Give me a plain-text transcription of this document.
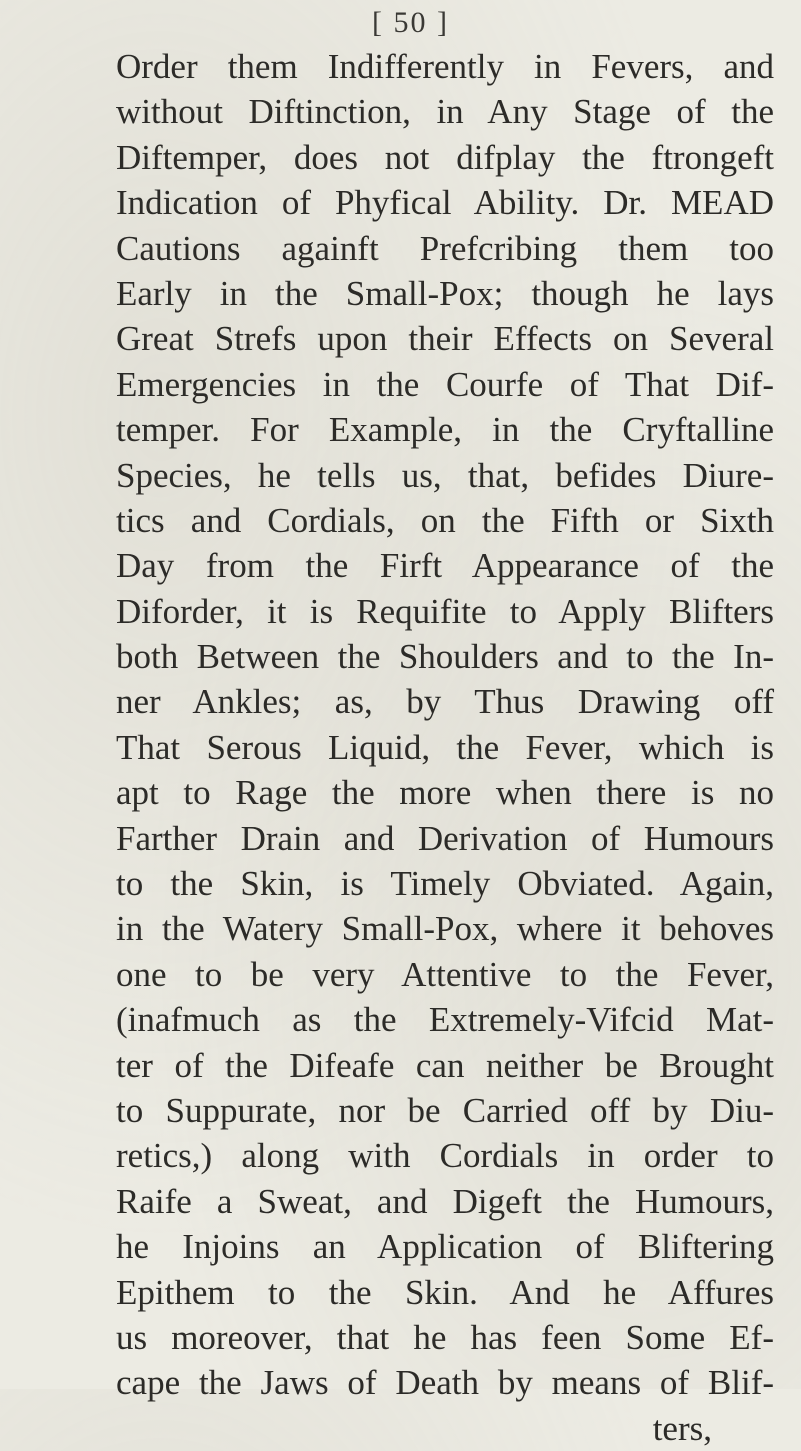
[ 50 ]
Order them Indifferently in Fevers, and
without Diftinction, in Any Stage of the
Diftemper, does not difplay the ftrongeft
Indication of Phyfical Ability. Dr. MEAD
Cautions againft Prefcribing them too
Early in the Small-Pox; though he lays
Great Strefs upon their Effects on Several
Emergencies in the Courfe of That Dif-
temper. For Example, in the Cryftalline
Species, he tells us, that, befides Diure-
tics and Cordials, on the Fifth or Sixth
Day from the Firft Appearance of the
Diforder, it is Requifite to Apply Blifters
both Between the Shoulders and to the In-
ner Ankles; as, by Thus Drawing off
That Serous Liquid, the Fever, which is
apt to Rage the more when there is no
Farther Drain and Derivation of Humours
to the Skin, is Timely Obviated. Again,
in the Watery Small-Pox, where it behoves
one to be very Attentive to the Fever,
(inafmuch as the Extremely-Vifcid Mat-
ter of the Difeafe can neither be Brought
to Suppurate, nor be Carried off by Diu-
retics,) along with Cordials in order to
Raife a Sweat, and Digeft the Humours,
he Injoins an Application of Bliftering
Epithem to the Skin. And he Affures
us moreover, that he has feen Some Ef-
cape the Jaws of Death by means of Blif-
ters,
